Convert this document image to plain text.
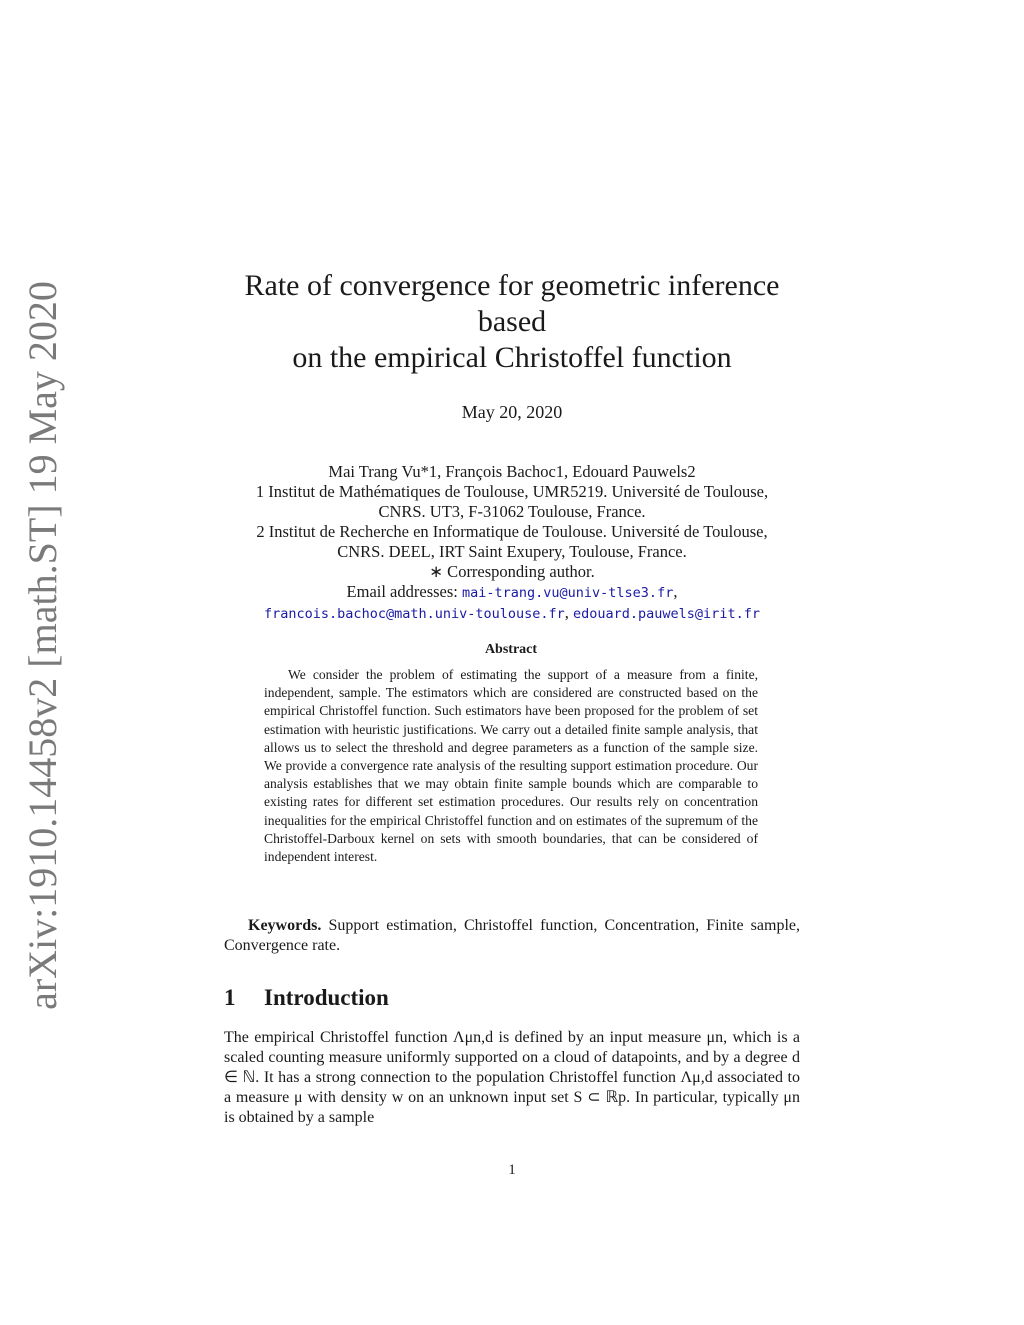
arXiv:1910.14458v2 [math.ST] 19 May 2020	Rate of convergence for geometric inference based
on the empirical Christoffel function
May 20, 2020
Mai Trang Vu*1, François Bachoc1, Edouard Pauwels2
1 Institut de Mathématiques de Toulouse, UMR5219. Université de Toulouse,
CNRS. UT3, F-31062 Toulouse, France.
2 Institut de Recherche en Informatique de Toulouse. Université de Toulouse,
CNRS. DEEL, IRT Saint Exupery, Toulouse, France.
∗ Corresponding author.
Email addresses: mai-trang.vu@univ-tlse3.fr,
francois.bachoc@math.univ-toulouse.fr, edouard.pauwels@irit.fr
Abstract

We consider the problem of estimating the support of a measure from a finite, independent, sample. The estimators which are considered are constructed based on the empirical Christoffel function. Such estimators have been proposed for the problem of set estimation with heuristic justifications. We carry out a detailed finite sample analysis, that allows us to select the threshold and degree parameters as a function of the sample size. We provide a convergence rate analysis of the resulting support estimation procedure. Our analysis establishes that we may obtain finite sample bounds which are comparable to existing rates for different set estimation procedures. Our results rely on concentration inequalities for the empirical Christoffel function and on estimates of the supremum of the Christoffel-Darboux kernel on sets with smooth boundaries, that can be considered of independent interest.

Keywords. Support estimation, Christoffel function, Concentration, Finite sample, Convergence rate.
1	Introduction
The empirical Christoffel function Λμn,d is defined by an input measure μn, which is a scaled counting measure uniformly supported on a cloud of datapoints, and by a degree d ∈ ℕ. It has a strong connection to the population Christoffel function Λμ,d associated to a measure μ with density w on an unknown input set S ⊂ ℝp. In particular, typically μn is obtained by a sample
1
